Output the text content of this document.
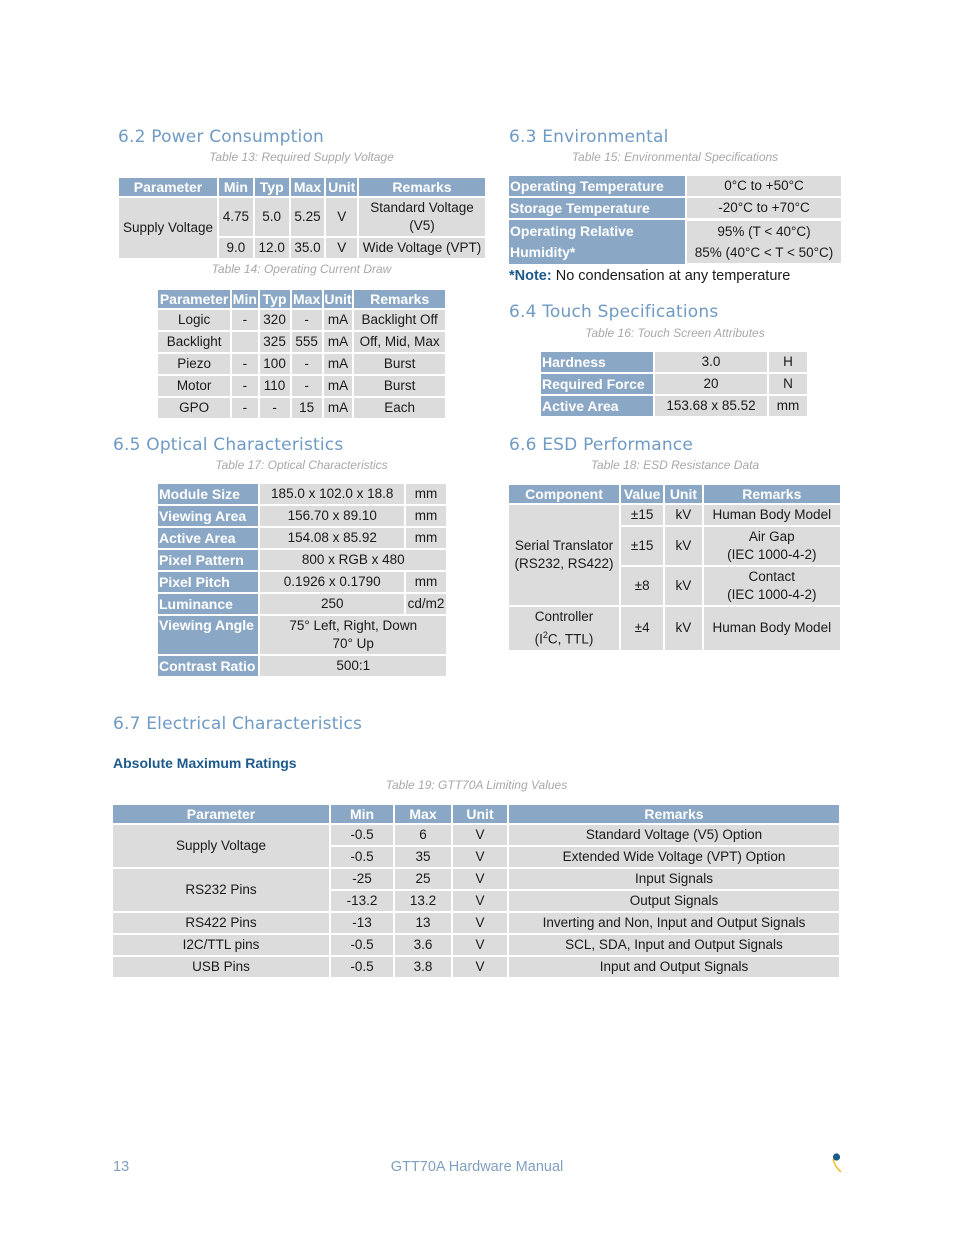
6.2 Power Consumption
Table 13: Required Supply Voltage
Parameter	Min	Typ	Max	Unit	Remarks
Supply Voltage	4.75	5.0	5.25	V	Standard Voltage (V5)
	9.0	12.0	35.0	V	Wide Voltage (VPT)
Table 14: Operating Current Draw
Parameter	Min	Typ	Max	Unit	Remarks
Logic	-	320	-	mA	Backlight Off
Backlight		325	555	mA	Off, Mid, Max
Piezo	-	100	-	mA	Burst
Motor	-	110	-	mA	Burst
GPO	-	-	15	mA	Each
6.3 Environmental
Table 15: Environmental Specifications
Operating Temperature	0°C to +50°C
Storage Temperature	-20°C to +70°C
Operating Relative Humidity*	95% (T < 40°C)
85% (40°C < T < 50°C)
*Note: No condensation at any temperature
6.4 Touch Specifications
Table 16: Touch Screen Attributes
Hardness	3.0	H
Required Force	20	N
Active Area	153.68 x 85.52	mm
6.5 Optical Characteristics
Table 17: Optical Characteristics
Module Size	185.0 x 102.0 x 18.8	mm
Viewing Area	156.70 x 89.10	mm
Active Area	154.08 x 85.92	mm
Pixel Pattern	800 x RGB x 480	
Pixel Pitch	0.1926 x 0.1790	mm
Luminance	250	cd/m2
Viewing Angle	75° Left, Right, Down
70° Up	

Contrast Ratio	500:1	
6.6 ESD Performance
Table 18: ESD Resistance Data
Component	Value	Unit	Remarks
Serial Translator (RS232, RS422)	±15	kV	Human Body Model
	±15	kV	Air Gap
(IEC 1000-4-2)

	±8	kV	Contact
(IEC 1000-4-2)

Controller
($I^2C$, TTL)	±4	kV	Human Body Model
6.7 Electrical Characteristics
Absolute Maximum Ratings
Table 19: GTT70A Limiting Values
Parameter	Min	Max	Unit	Remarks
Supply Voltage	-0.5	6	V	Standard Voltage (V5) Option
	-0.5	35	V	Extended Wide Voltage (VPT) Option
RS232 Pins	-25	25	V	Input Signals
	-13.2	13.2	V	Output Signals
RS422 Pins	-13	13	V	Inverting and Non, Input and Output Signals
I2C/TTL pins	-0.5	3.6	V	SCL, SDA, Input and Output Signals
USB Pins	-0.5	3.8	V	Input and Output Signals
13	GTT70A Hardware Manual
